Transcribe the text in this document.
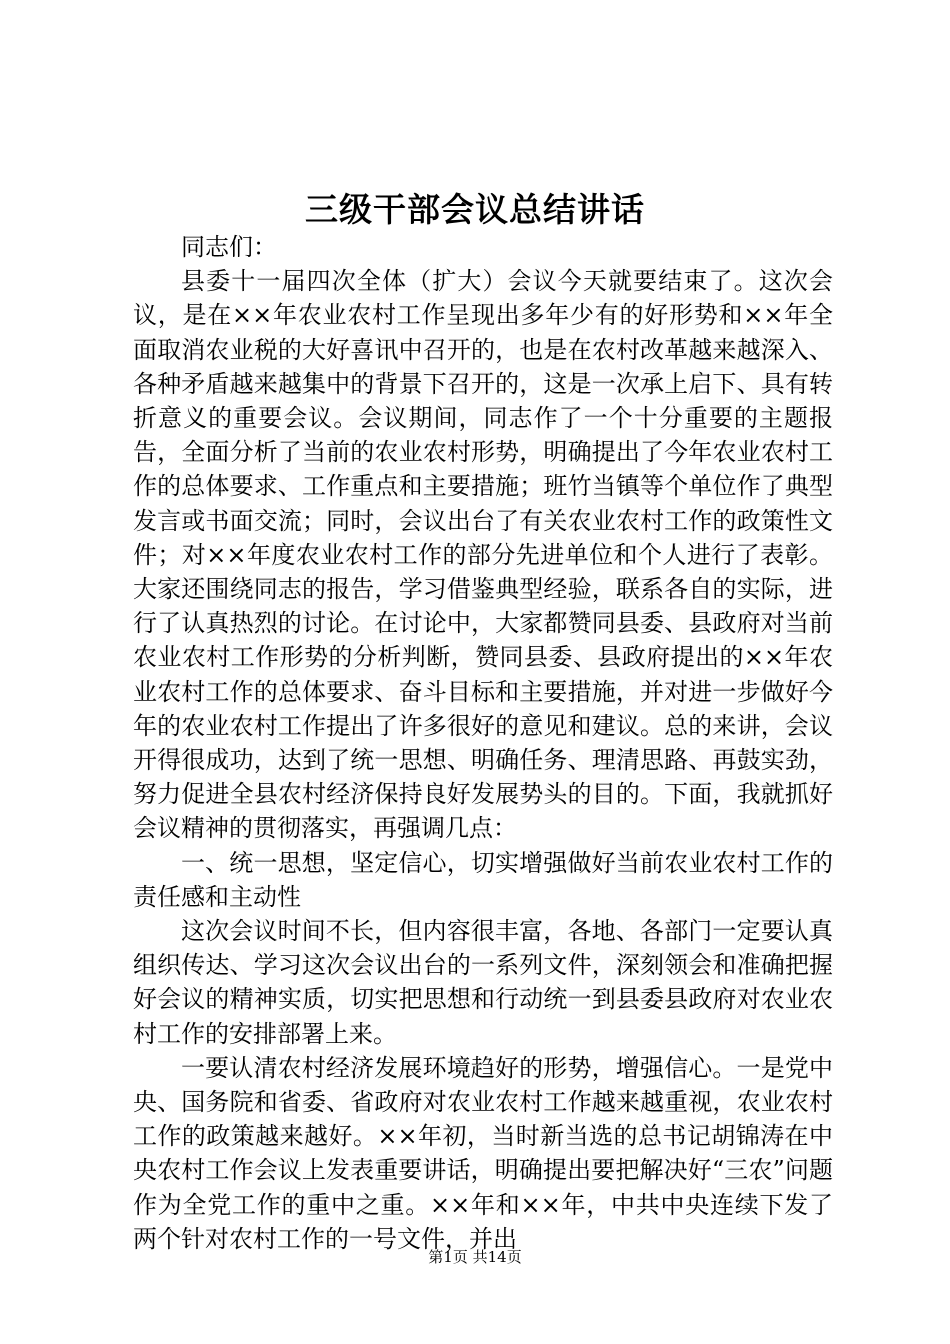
三级干部会议总结讲话

同志们：

县委十一届四次全体（扩大）会议今天就要结束了。这次会议，是在××年农业农村工作呈现出多年少有的好形势和××年全面取消农业税的大好喜讯中召开的，也是在农村改革越来越深入、各种矛盾越来越集中的背景下召开的，这是一次承上启下、具有转折意义的重要会议。会议期间，同志作了一个十分重要的主题报告，全面分析了当前的农业农村形势，明确提出了今年农业农村工作的总体要求、工作重点和主要措施；班竹当镇等个单位作了典型发言或书面交流；同时，会议出台了有关农业农村工作的政策性文件；对××年度农业农村工作的部分先进单位和个人进行了表彰。大家还围绕同志的报告，学习借鉴典型经验，联系各自的实际，进行了认真热烈的讨论。在讨论中，大家都赞同县委、县政府对当前农业农村工作形势的分析判断，赞同县委、县政府提出的××年农业农村工作的总体要求、奋斗目标和主要措施，并对进一步做好今年的农业农村工作提出了许多很好的意见和建议。总的来讲，会议开得很成功，达到了统一思想、明确任务、理清思路、再鼓实劲，努力促进全县农村经济保持良好发展势头的目的。下面，我就抓好会议精神的贯彻落实，再强调几点：

一、统一思想，坚定信心，切实增强做好当前农业农村工作的责任感和主动性

这次会议时间不长，但内容很丰富，各地、各部门一定要认真组织传达、学习这次会议出台的一系列文件，深刻领会和准确把握好会议的精神实质，切实把思想和行动统一到县委县政府对农业农村工作的安排部署上来。

一要认清农村经济发展环境趋好的形势，增强信心。一是党中央、国务院和省委、省政府对农业农村工作越来越重视，农业农村工作的政策越来越好。××年初，当时新当选的总书记胡锦涛在中央农村工作会议上发表重要讲话，明确提出要把解决好“三农”问题作为全党工作的重中之重。××年和××年，中共中央连续下发了两个针对农村工作的一号文件，并出

第1页 共14页
